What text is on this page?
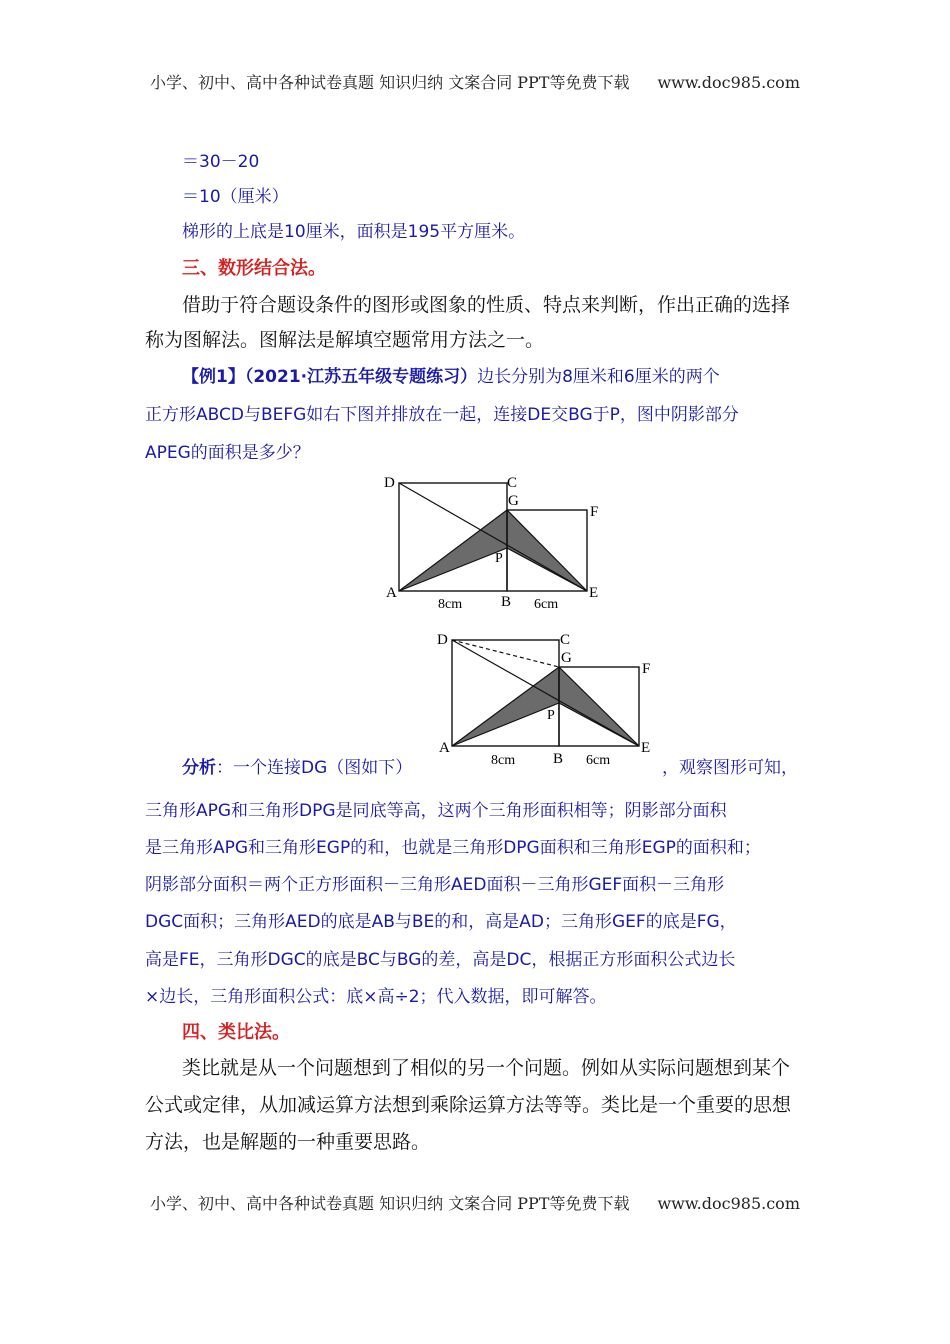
小学、初中、高中各种试卷真题 知识归纳 文案合同 PPT等免费下载 www.doc985.com
＝30－20
＝10（厘米）
梯形的上底是10厘米，面积是195平方厘米。
三、数形结合法。
借助于符合题设条件的图形或图象的性质、特点来判断，作出正确的选择
称为图解法。图解法是解填空题常用方法之一。
【例1】（2021·江苏五年级专题练习）边长分别为8厘米和6厘米的两个
正方形ABCD与BEFG如右下图并排放在一起，连接DE交BG于P，图中阴影部分
APEG的面积是多少？
D	C
G
F
P
A
B
E
8cm	6cm
D	C
G
F
P
A
B
E
8cm	6cm
分析：一个连接DG（图如下）	，观察图形可知，
三角形APG和三角形DPG是同底等高，这两个三角形面积相等；阴影部分面积
是三角形APG和三角形EGP的和，也就是三角形DPG面积和三角形EGP的面积和；
阴影部分面积＝两个正方形面积－三角形AED面积－三角形GEF面积－三角形
DGC面积；三角形AED的底是AB与BE的和，高是AD；三角形GEF的底是FG，
高是FE，三角形DGC的底是BC与BG的差，高是DC，根据正方形面积公式边长
×边长，三角形面积公式：底×高÷2；代入数据，即可解答。
四、类比法。
类比就是从一个问题想到了相似的另一个问题。例如从实际问题想到某个
公式或定律，从加减运算方法想到乘除运算方法等等。类比是一个重要的思想
方法，也是解题的一种重要思路。
小学、初中、高中各种试卷真题 知识归纳 文案合同 PPT等免费下载 www.doc985.com
